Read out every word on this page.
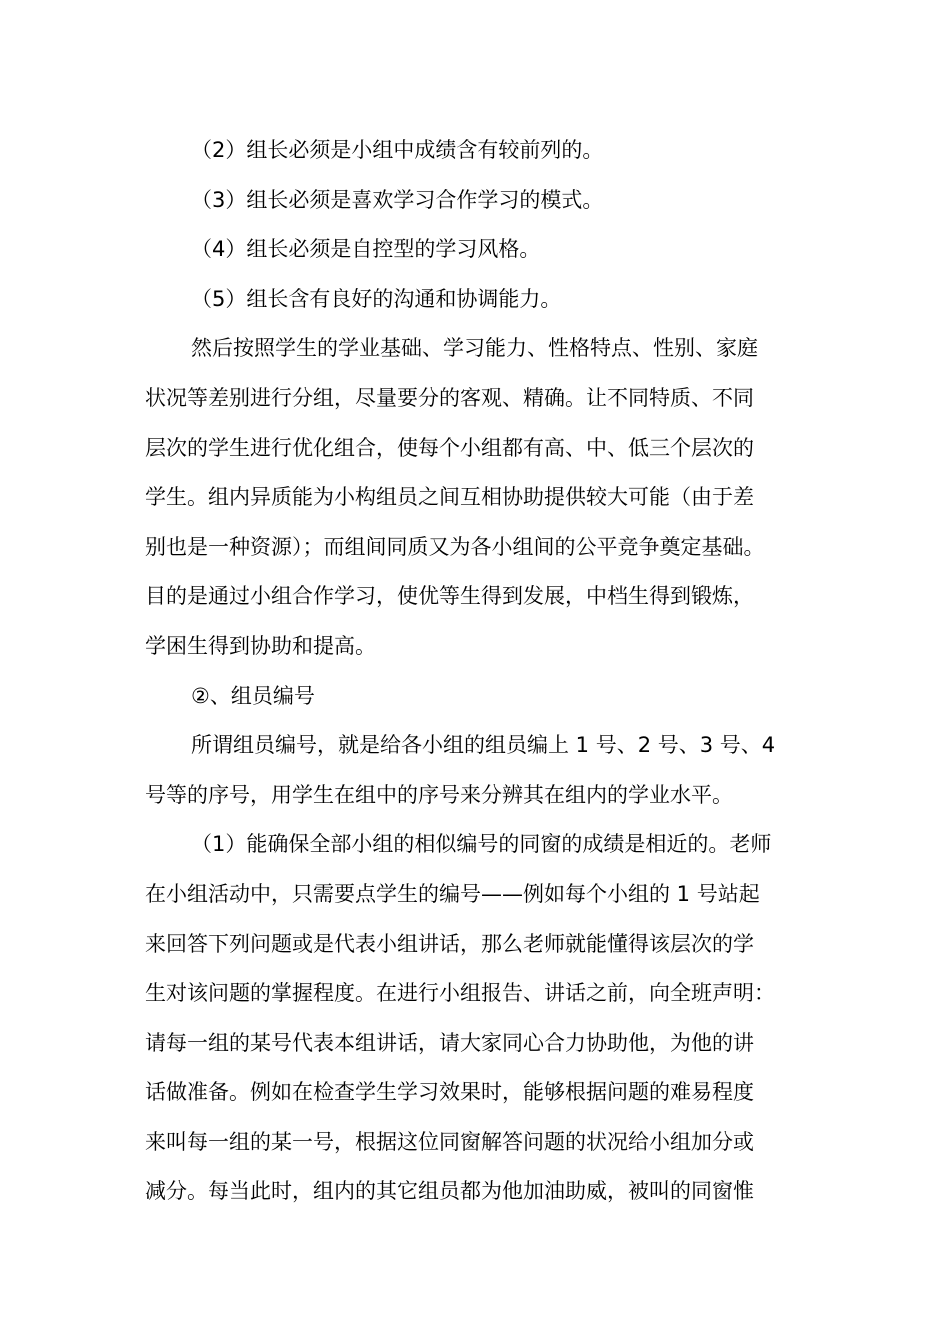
（2）组长必须是小组中成绩含有较前列的。
（3）组长必须是喜欢学习合作学习的模式。
（4）组长必须是自控型的学习风格。
（5）组长含有良好的沟通和协调能力。
然后按照学生的学业基础、学习能力、性格特点、性别、家庭
状况等差别进行分组，尽量要分的客观、精确。让不同特质、不同
层次的学生进行优化组合，使每个小组都有高、中、低三个层次的
学生。组内异质能为小构组员之间互相协助提供较大可能（由于差
别也是一种资源）；而组间同质又为各小组间的公平竞争奠定基础。
目的是通过小组合作学习，使优等生得到发展，中档生得到锻炼，
学困生得到协助和提高。
②、组员编号
所谓组员编号，就是给各小组的组员编上 1 号、2 号、3 号、4
号等的序号，用学生在组中的序号来分辨其在组内的学业水平。
（1）能确保全部小组的相似编号的同窗的成绩是相近的。老师
在小组活动中，只需要点学生的编号——例如每个小组的 1 号站起
来回答下列问题或是代表小组讲话，那么老师就能懂得该层次的学
生对该问题的掌握程度。在进行小组报告、讲话之前，向全班声明：
请每一组的某号代表本组讲话，请大家同心合力协助他，为他的讲
话做准备。例如在检查学生学习效果时，能够根据问题的难易程度
来叫每一组的某一号，根据这位同窗解答问题的状况给小组加分或
减分。每当此时，组内的其它组员都为他加油助威，被叫的同窗惟
